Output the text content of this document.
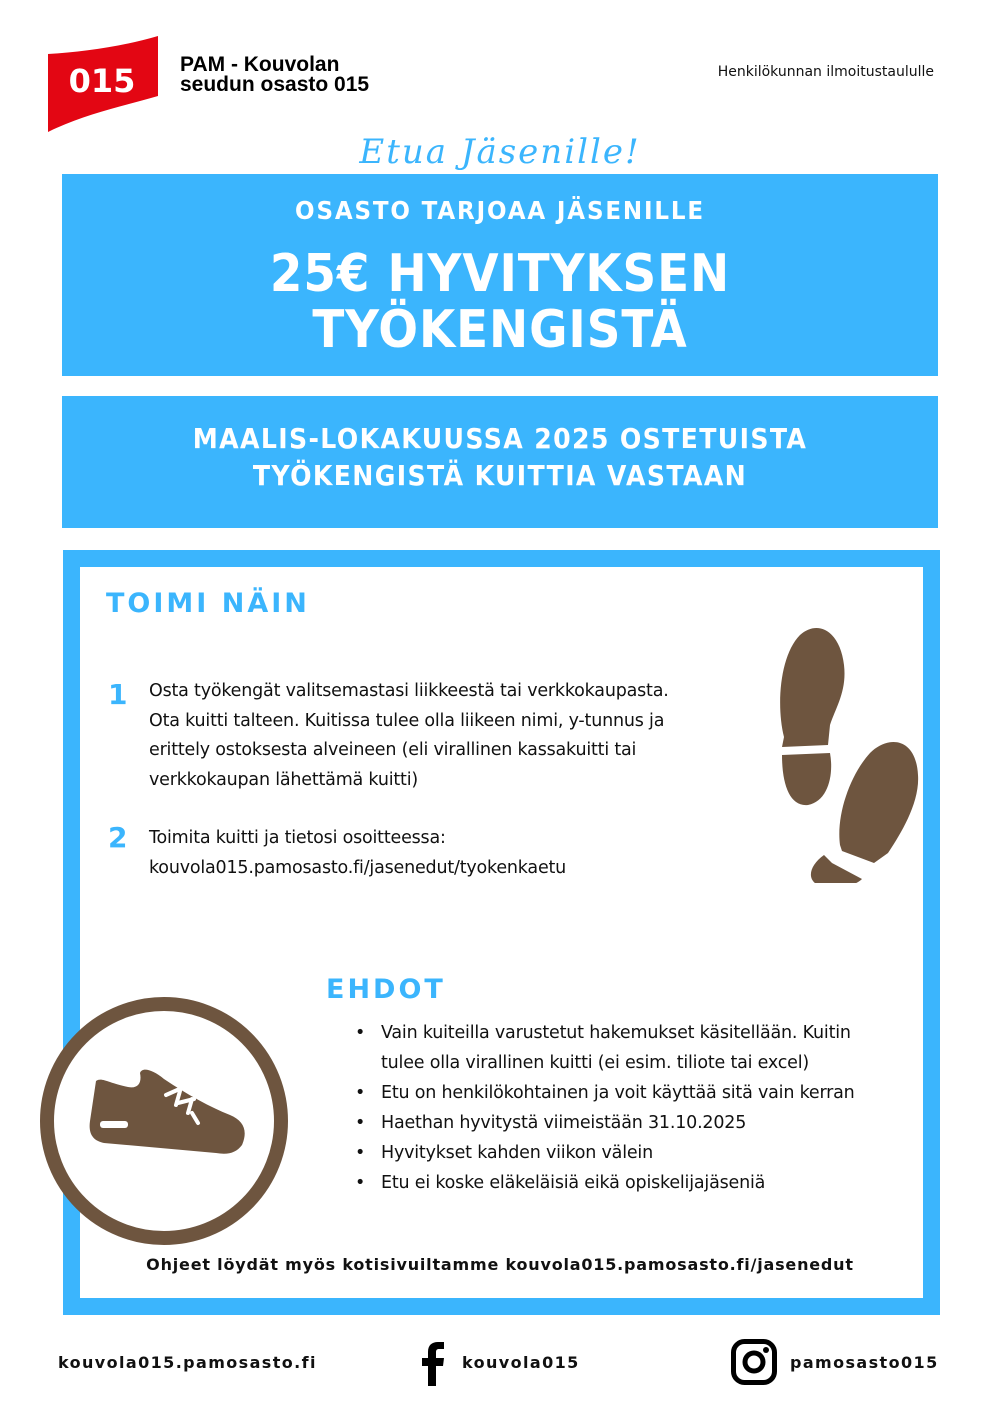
015 PAM - Kouvolan
seudun osasto 015
Henkilökunnan ilmoitustaululle
Etua Jäsenille!
OSASTO TARJOAA JÄSENILLE
25€ HYVITYKSEN
TYÖKENGISTÄ
MAALIS-LOKAKUUSSA 2025 OSTETUISTA
TYÖKENGISTÄ KUITTIA VASTAAN
TOIMI NÄIN
1 Osta työkengät valitsemastasi liikkeestä tai verkkokaupasta.
Ota kuitti talteen. Kuitissa tulee olla liikeen nimi, y-tunnus ja
erittely ostoksesta alveineen (eli virallinen kassakuitti tai
verkkokaupan lähettämä kuitti)
2 Toimita kuitti ja tietosi osoitteessa:
kouvola015.pamosasto.fi/jasenedut/tyokenkaetu
EHDOT
• Vain kuiteilla varustetut hakemukset käsitellään. Kuitin
tulee olla virallinen kuitti (ei esim. tiliote tai excel)
• Etu on henkilökohtainen ja voit käyttää sitä vain kerran
• Haethan hyvitystä viimeistään 31.10.2025
• Hyvitykset kahden viikon välein
• Etu ei koske eläkeläisiä eikä opiskelijajäseniä
Ohjeet löydät myös kotisivuiltamme kouvola015.pamosasto.fi/jasenedut
kouvola015.pamosasto.fi	kouvola015	pamosasto015
